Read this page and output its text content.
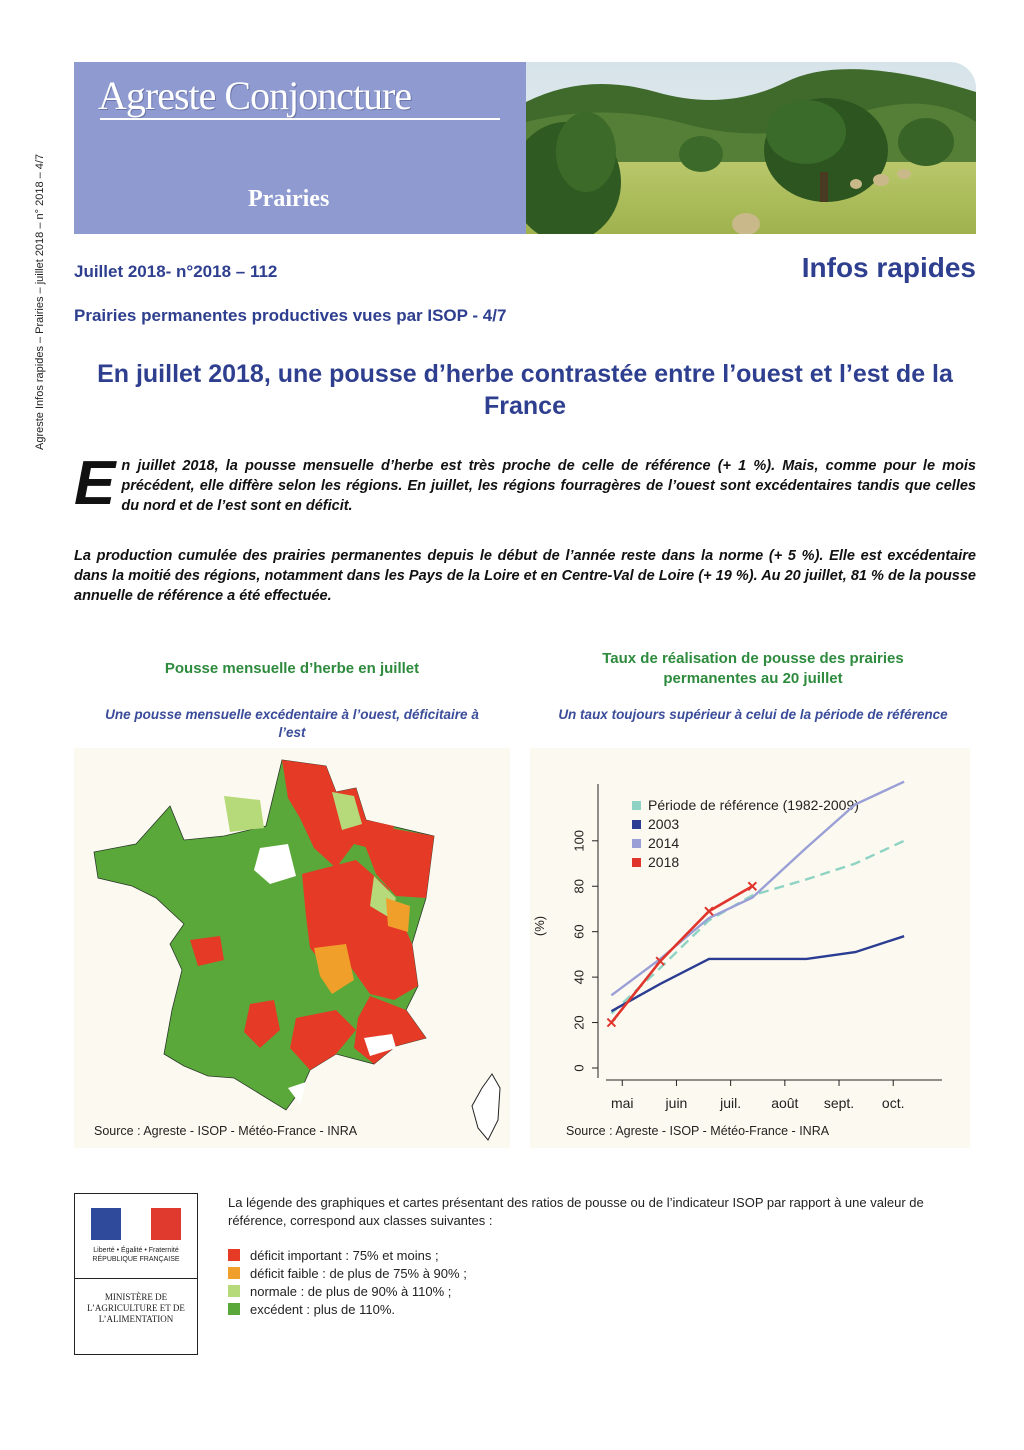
Agreste Infos rapides – Prairies – juillet 2018 – n° 2018 – 4/7
Agreste Conjoncture
Prairies
Juillet 2018- n°2018 – 112	Infos rapides
Prairies permanentes productives vues par ISOP - 4/7
En juillet 2018, une pousse d’herbe contrastée entre l’ouest et l’est de la France
E n juillet 2018, la pousse mensuelle d’herbe est très proche de celle de référence (+ 1 %). Mais, comme pour le mois précédent, elle diffère selon les régions. En juillet, les régions fourragères de l’ouest sont excédentaires tandis que celles du nord et de l’est sont en déficit.
La production cumulée des prairies permanentes depuis le début de l’année reste dans la norme (+ 5 %). Elle est excédentaire dans la moitié des régions, notamment dans les Pays de la Loire et en Centre-Val de Loire (+ 19 %). Au 20 juillet, 81 % de la pousse annuelle de référence a été effectuée.
Pousse mensuelle d’herbe en juillet
Une pousse mensuelle excédentaire à l’ouest, déficitaire à l’est
Taux de réalisation de pousse des prairies permanentes au 20 juillet
Un taux toujours supérieur à celui de la période de référence
Source : Agreste - ISOP - Météo-France - INRA
0
20
40
60
80
100
(%)
mai juin juil. août sept. oct.
Période de référence (1982-2009)
2003
2014
2018
Source : Agreste - ISOP - Météo-France - INRA
Liberté • Égalité • Fraternité RÉPUBLIQUE FRANÇAISE
MINISTÈRE DE L’AGRICULTURE ET DE L’ALIMENTATION
La légende des graphiques et cartes présentant des ratios de pousse ou de l’indicateur ISOP par rapport à une valeur de référence, correspond aux classes suivantes :
déficit important : 75% et moins ;
déficit faible : de plus de 75% à 90% ;
normale : de plus de 90% à 110% ;
excédent : plus de 110%.
